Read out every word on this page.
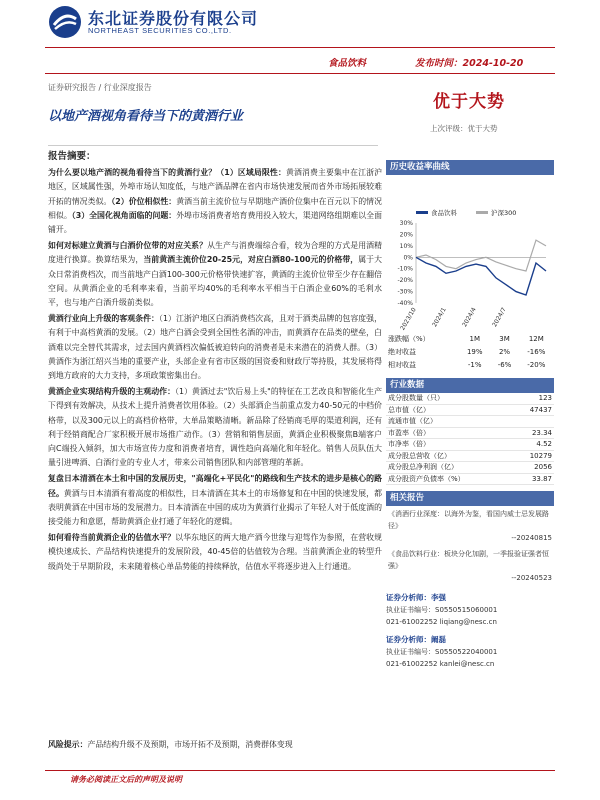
东北证券股份有限公司
NORTHEAST SECURITIES CO.,LTD.
食品饮料	发布时间：2024-10-20
证券研究报告 ∕ 行业深度报告
以地产酒视角看待当下的黄酒行业
优于大势
上次评级：优于大势
报告摘要：

为什么要以地产酒的视角看待当下的黄酒行业？（1）区域局限性：黄酒消费主要集中在江浙沪地区，区域属性强，外埠市场认知度低，与地产酒品牌在省内市场快速发展而省外市场拓展较难开拓的情况类似。（2）价位相似性：黄酒当前主流价位与早期地产酒价位集中在百元以下的情况相似。（3）全国化视角面临的问题：外埠市场消费者培育费用投入较大，渠道网络组期难以全面铺开。

如何对标建立黄酒与白酒价位带的对应关系？从生产与消费端综合看，较为合理的方式是用酒精度进行换算。换算结果为，当前黄酒主流价位20-25元，对应白酒80-100元的价格带，属于大众日常消费档次，而当前地产白酒100-300元价格带快速扩容，黄酒的主流价位带至少存在翻倍空间。从黄酒企业的毛利率来看，当前平均40%的毛利率水平相当于白酒企业60%的毛利水平，也与地产白酒升级前类似。

黄酒行业向上升级的客观条件：（1）江浙沪地区白酒消费档次高，且对于酒类品牌的包容度强，有利于中高档黄酒的发展。（2）地产白酒会受到全国性名酒的冲击，而黄酒存在品类的壁垒，白酒难以完全替代其需求，过去国内黄酒档次偏低被迫转向的消费者是未来潜在的消费人群。（3）黄酒作为浙江绍兴当地的重要产业，头部企业有省市区级的国资委和财政厅等持股，其发展将得到地方政府的大力支持，多项政策密集出台。

黄酒企业实现结构升级的主观动作：（1）黄酒过去"饮后易上头"的特征在工艺改良和智能化生产下得到有效解决，从技术上提升消费者饮用体验。（2）头部酒企当前重点发力40-50元的中档价格带，以及300元以上的高档价格带，大单品策略清晰。新品除了经销商毛厚的渠道利润，还有利于经销商配合厂家积极开展市场推广动作。（3）营销和销售层面，黄酒企业积极聚焦B端客户向C端投入倾斜，加大市场宣传力度和消费者培育，调性趋向高端化和年轻化。销售人员队伍大量引进啤酒、白酒行业的专业人才，带来公司销售团队和内部管理的革新。

复盘日本清酒在本土和中国的发展历史，"高端化+平民化"的路线和生产技术的进步是核心的路径。黄酒与日本清酒有着高度的相似性，日本清酒在其本土的市场修复和在中国的快速发展，都表明黄酒在中国市场的发展潜力。日本清酒在中国的成功为黄酒行业揭示了年轻人对于低度酒的接受能力和意愿，帮助黄酒企业打通了年轻化的逻辑。

如何看待当前黄酒企业的估值水平？以华东地区的两大地产酒今世缘与迎驾作为参照，在营收规模快速成长、产品结构快速提升的发展阶段，40-45倍的估值较为合理。当前黄酒企业的转型升级尚处于早期阶段，未来随着核心单品势能的持续释放，估值水平将逐步进入上行通道。

风险提示：产品结构升级不及预期，市场开拓不及预期，消费群体变现
历史收益率曲线
30%
20%
10%
0%
-10%
-20%
-30%
-40%
2023/10 2024/1 2024/4 2024/7
食品饮料	沪深300
涨跌幅（%）	1M	3M	12M
绝对收益	19%	2%	-16%
相对收益	-1%	-6%	-20%
行业数据
成分股数量（只）	123
总市值（亿）	47437
流通市值（亿）	
市盈率（倍）	23.34
市净率（倍）	4.52
成分股总营收（亿）	10279
成分股总净利润（亿）	2056
成分股资产负债率（%）	33.87
相关报告
《消酒行业深度：以海外为鉴，看国内威士忌发展路径》
--20240815
《食品饮料行业：板块分化加剧，一季报验证强者恒强》
--20240523
证券分析师：李强
执业证书编号：S0550515060001
021-61002252 liqiang@nesc.cn
证券分析师：阚磊
执业证书编号：S0550522040001
021-61002252 kanlei@nesc.cn
请务必阅读正文后的声明及说明
